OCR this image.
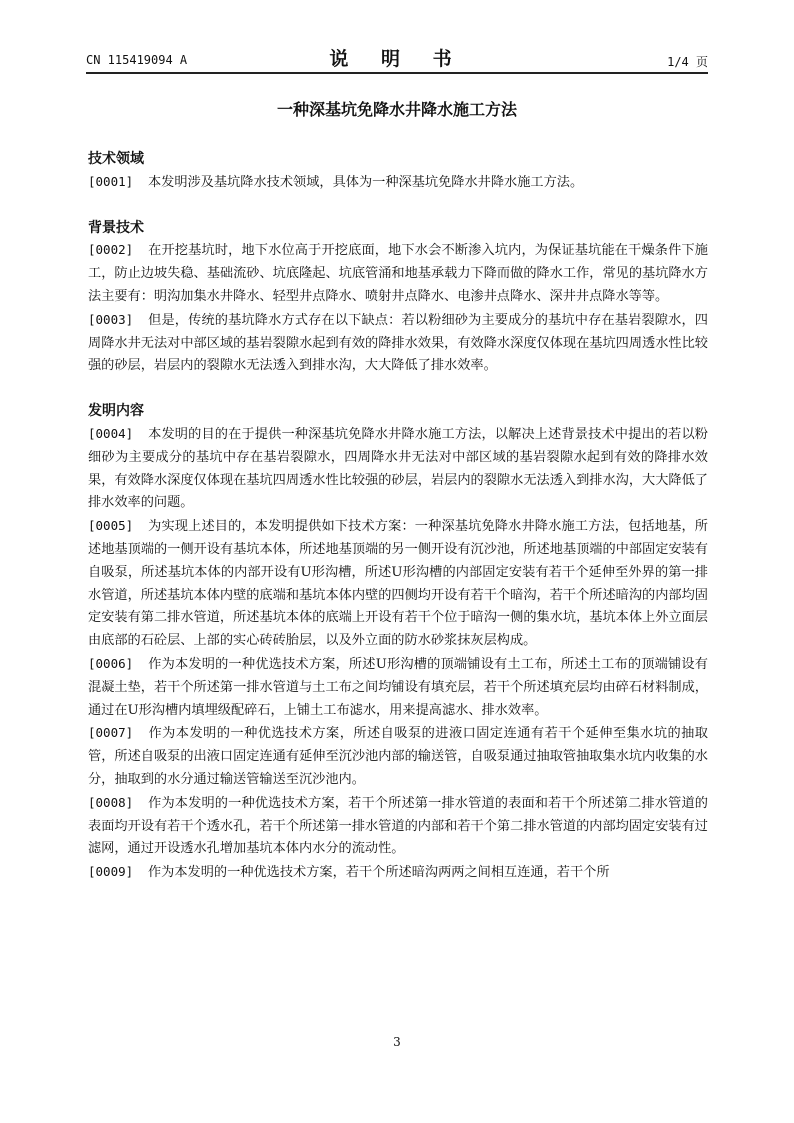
CN 115419094 A	说 明 书	1/4 页
一种深基坑免降水井降水施工方法
技术领域

[0001] 本发明涉及基坑降水技术领域，具体为一种深基坑免降水井降水施工方法。

背景技术

[0002] 在开挖基坑时，地下水位高于开挖底面，地下水会不断渗入坑内，为保证基坑能在干燥条件下施工，防止边坡失稳、基础流砂、坑底隆起、坑底管涌和地基承载力下降而做的降水工作，常见的基坑降水方法主要有：明沟加集水井降水、轻型井点降水、喷射井点降水、电渗井点降水、深井井点降水等等。

[0003] 但是，传统的基坑降水方式存在以下缺点：若以粉细砂为主要成分的基坑中存在基岩裂隙水，四周降水井无法对中部区域的基岩裂隙水起到有效的降排水效果，有效降水深度仅体现在基坑四周透水性比较强的砂层，岩层内的裂隙水无法透入到排水沟，大大降低了排水效率。

发明内容

[0004] 本发明的目的在于提供一种深基坑免降水井降水施工方法，以解决上述背景技术中提出的若以粉细砂为主要成分的基坑中存在基岩裂隙水，四周降水井无法对中部区域的基岩裂隙水起到有效的降排水效果，有效降水深度仅体现在基坑四周透水性比较强的砂层，岩层内的裂隙水无法透入到排水沟，大大降低了排水效率的问题。

[0005] 为实现上述目的，本发明提供如下技术方案：一种深基坑免降水井降水施工方法，包括地基，所述地基顶端的一侧开设有基坑本体，所述地基顶端的另一侧开设有沉沙池，所述地基顶端的中部固定安装有自吸泵，所述基坑本体的内部开设有U形沟槽，所述U形沟槽的内部固定安装有若干个延伸至外界的第一排水管道，所述基坑本体内壁的底端和基坑本体内壁的四侧均开设有若干个暗沟，若干个所述暗沟的内部均固定安装有第二排水管道，所述基坑本体的底端上开设有若干个位于暗沟一侧的集水坑，基坑本体上外立面层由底部的石砼层、上部的实心砖砖胎层，以及外立面的防水砂浆抹灰层构成。

[0006] 作为本发明的一种优选技术方案，所述U形沟槽的顶端铺设有土工布，所述土工布的顶端铺设有混凝土垫，若干个所述第一排水管道与土工布之间均铺设有填充层，若干个所述填充层均由碎石材料制成，通过在U形沟槽内填埋级配碎石，上铺土工布滤水，用来提高滤水、排水效率。

[0007] 作为本发明的一种优选技术方案，所述自吸泵的进液口固定连通有若干个延伸至集水坑的抽取管，所述自吸泵的出液口固定连通有延伸至沉沙池内部的输送管，自吸泵通过抽取管抽取集水坑内收集的水分，抽取到的水分通过输送管输送至沉沙池内。

[0008] 作为本发明的一种优选技术方案，若干个所述第一排水管道的表面和若干个所述第二排水管道的表面均开设有若干个透水孔，若干个所述第一排水管道的内部和若干个第二排水管道的内部均固定安装有过滤网，通过开设透水孔增加基坑本体内水分的流动性。

[0009] 作为本发明的一种优选技术方案，若干个所述暗沟两两之间相互连通，若干个所

3
